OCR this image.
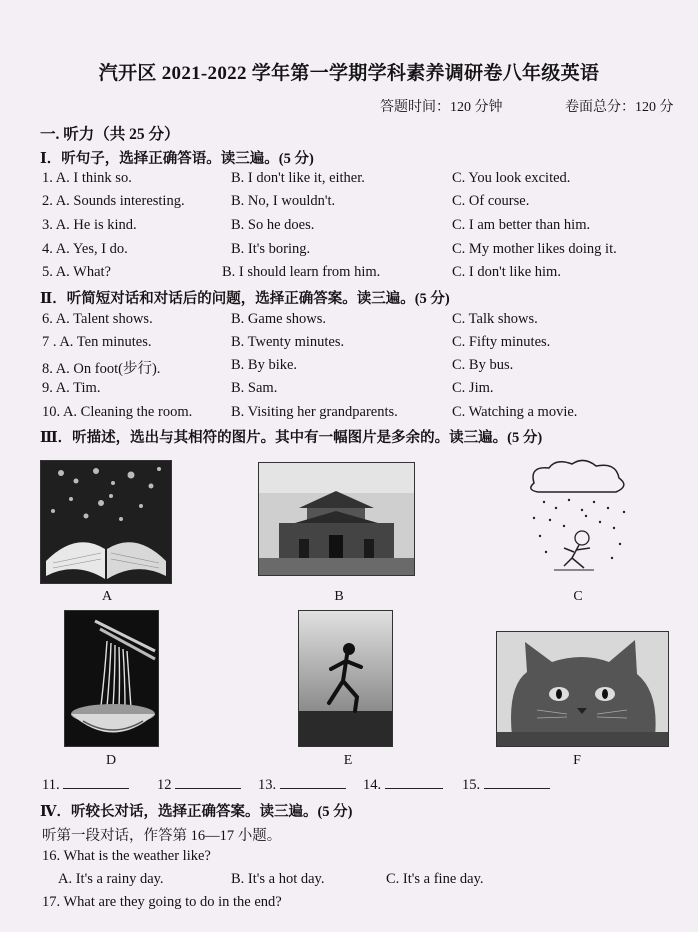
汽开区 2021-2022 学年第一学期学科素养调研卷八年级英语
答题时间：120 分钟	卷面总分：120 分
一. 听力（共 25 分）
Ⅰ．听句子，选择正确答语。读三遍。(5 分)
1. A. I think so.	B. I don't like it, either.	C. You look excited.
2. A. Sounds interesting.	B. No, I wouldn't.	C. Of course.
3. A. He is kind.	B. So he does.	C. I am better than him.
4. A. Yes, I do.	B. It's boring.	C. My mother likes doing it.
5. A. What?	B. I should learn from him.	C. I don't like him.
Ⅱ．听简短对话和对话后的问题，选择正确答案。读三遍。(5 分)
6. A. Talent shows.	B. Game shows.	C. Talk shows.
7 . A. Ten minutes.	B. Twenty minutes.	C. Fifty minutes.
8. A. On foot(步行).	B. By bike.	C. By bus.
9. A. Tim.	B. Sam.	C. Jim.
10. A. Cleaning the room.	B. Visiting her grandparents.	C. Watching a movie.
Ⅲ．听描述，选出与其相符的图片。其中有一幅图片是多余的。读三遍。(5 分)
A	B	C
D	E	F
11.	12	13.	14.	15.
Ⅳ．听较长对话，选择正确答案。读三遍。(5 分)
听第一段对话，作答第 16—17 小题。
16. What is the weather like?
A. It's a rainy day.	B. It's a hot day.	C. It's a fine day.
17. What are they going to do in the end?
